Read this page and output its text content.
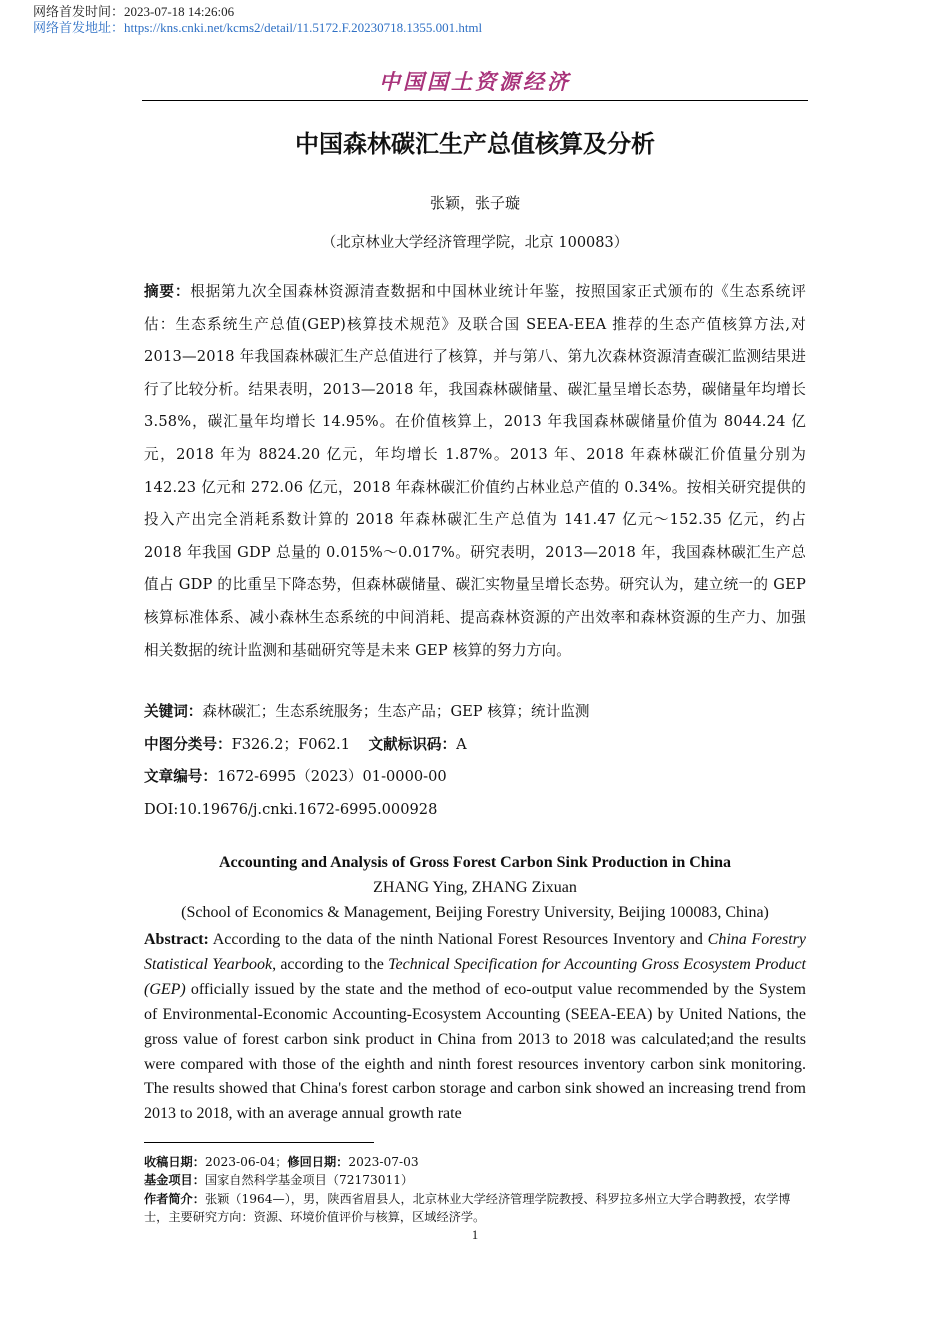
网络首发时间：2023-07-18 14:26:06
网络首发地址：https://kns.cnki.net/kcms2/detail/11.5172.F.20230718.1355.001.html
中国国土资源经济
中国森林碳汇生产总值核算及分析
张颖，张子璇
（北京林业大学经济管理学院，北京 100083）

摘要：根据第九次全国森林资源清查数据和中国林业统计年鉴，按照国家正式颁布的《生态系统评估：生态系统生产总值(GEP)核算技术规范》及联合国 SEEA-EEA 推荐的生态产值核算方法,对 2013—2018 年我国森林碳汇生产总值进行了核算，并与第八、第九次森林资源清查碳汇监测结果进行了比较分析。结果表明，2013—2018 年，我国森林碳储量、碳汇量呈增长态势，碳储量年均增长 3.58%，碳汇量年均增长 14.95%。在价值核算上，2013 年我国森林碳储量价值为 8044.24 亿元，2018 年为 8824.20 亿元，年均增长 1.87%。2013 年、2018 年森林碳汇价值量分别为 142.23 亿元和 272.06 亿元，2018 年森林碳汇价值约占林业总产值的 0.34%。按相关研究提供的投入产出完全消耗系数计算的 2018 年森林碳汇生产总值为 141.47 亿元～152.35 亿元，约占 2018 年我国 GDP 总量的 0.015%～0.017%。研究表明，2013—2018 年，我国森林碳汇生产总值占 GDP 的比重呈下降态势，但森林碳储量、碳汇实物量呈增长态势。研究认为，建立统一的 GEP 核算标准体系、减小森林生态系统的中间消耗、提高森林资源的产出效率和森林资源的生产力、加强相关数据的统计监测和基础研究等是未来 GEP 核算的努力方向。

关键词：森林碳汇；生态系统服务；生态产品；GEP 核算；统计监测
中图分类号：F326.2；F062.1 文献标识码：A
文章编号：1672-6995（2023）01-0000-00
DOI:10.19676/j.cnki.1672-6995.000928
Accounting and Analysis of Gross Forest Carbon Sink Production in China
ZHANG Ying, ZHANG Zixuan
(School of Economics & Management, Beijing Forestry University, Beijing 100083, China)
Abstract: According to the data of the ninth National Forest Resources Inventory and China Forestry Statistical Yearbook, according to the Technical Specification for Accounting Gross Ecosystem Product (GEP) officially issued by the state and the method of eco-output value recommended by the System of Environmental-Economic Accounting-Ecosystem Accounting (SEEA-EEA) by United Nations, the gross value of forest carbon sink product in China from 2013 to 2018 was calculated;and the results were compared with those of the eighth and ninth forest resources inventory carbon sink monitoring. The results showed that China's forest carbon storage and carbon sink showed an increasing trend from 2013 to 2018, with an average annual growth rate
收稿日期：2023-06-04；修回日期：2023-07-03
基金项目：国家自然科学基金项目（72173011）
作者简介：张颖（1964—），男，陕西省眉县人，北京林业大学经济管理学院教授、科罗拉多州立大学合聘教授，农学博士，主要研究方向：资源、环境价值评价与核算，区域经济学。
1
